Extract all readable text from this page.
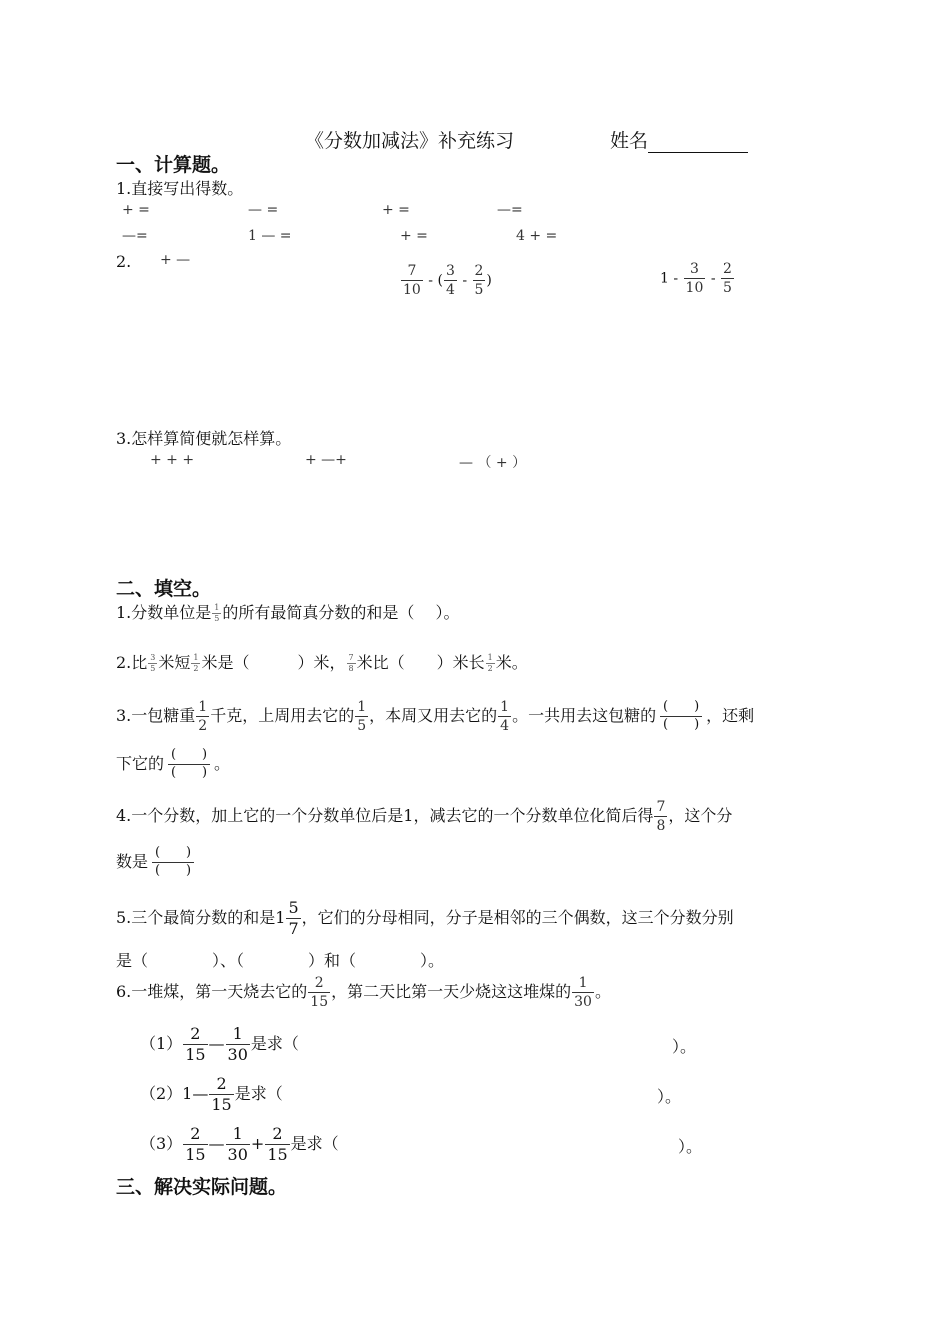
《分数加减法》补充练习	姓名
一、计算题。
1.直接写出得数。
+ =	— =	+ =	—=
—=	1 — =	+ =	4 + =
2. + —
$\frac{7}{10}$ - ( $\frac{3}{4} - \frac{2}{5}$ )	$1 - \frac{3}{10} - \frac{2}{5}$
3.怎样算简便就怎样算。
+ + +	+ —+	— （ + ）
二、填空。
1.分数单位是 $\frac{1}{5}$ 的所有最简真分数的和是（　 ）。
2.比 $\frac{3}{5}$ 米短 $\frac{1}{2}$ 米是（　　　）米， $\frac{7}{8}$ 米比（　　）米长 $\frac{1}{2}$ 米。
3.一包糖重 $\frac{1}{2}$ 千克，上周用去它的 $\frac{1}{5}$ ，本周又用去它的 $\frac{1}{4}$ 。一共用去这包糖的 $\frac{( )}{( )}$ ，还剩
下它的 $\frac{( )}{( )}$ 。
4.一个分数，加上它的一个分数单位后是1，减去它的一个分数单位化简后得 $\frac{7}{8}$ ，这个分
数是 $\frac{( )}{( )}$
5.三个最简分数的和是$1 \frac{5}{7}$ ，它们的分母相同，分子是相邻的三个偶数，这三个分数分别
是（　　　　）、（　　　　）和（　　　　）。
6.一堆煤，第一天烧去它的 $\frac{2}{15}$ ，第二天比第一天少烧这这堆煤的 $\frac{1}{30}$ 。
$(1) \frac{2}{15}$ — $\frac{1}{30}$ 是求（	）。
（2）1— $\frac{2}{15}$ 是求（	）。
$(3) \frac{2}{15}$ — $\frac{1}{30} + \frac{2}{15}$ 是求（	）。
三、解决实际问题。
